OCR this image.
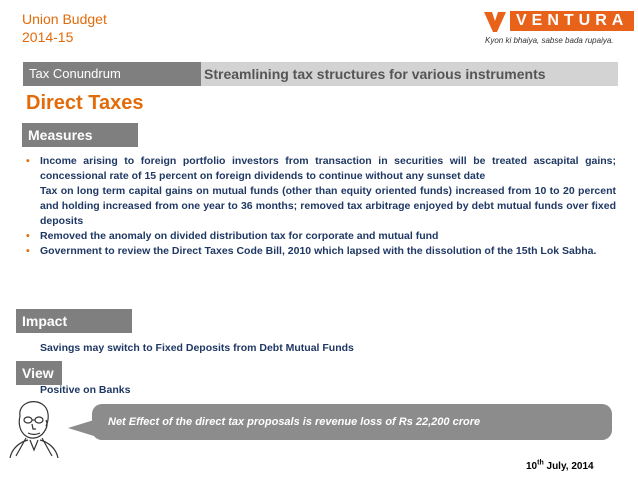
Union Budget
2014-15
VENTURA
Kyon ki bhaiya, sabse bada rupaiya.
Tax Conundrum	Streamlining tax structures for various instruments
Direct Taxes
Measures
• Income arising to foreign portfolio investors from transaction in securities will be treated ascapital gains; concessional rate of 15 percent on foreign dividends to continue without any sunset date
Tax on long term capital gains on mutual funds (other than equity oriented funds) increased from 10 to 20 percent and holding increased from one year to 36 months; removed tax arbitrage enjoyed by debt mutual funds over fixed deposits
• Removed the anomaly on divided distribution tax for corporate and mutual fund
• Government to review the Direct Taxes Code Bill, 2010 which lapsed with the dissolution of the 15th Lok Sabha.
Impact
Savings may switch to Fixed Deposits from Debt Mutual Funds
View
Positive on Banks
Net Effect of the direct tax proposals is revenue loss of Rs 22,200 crore
10th July, 2014
